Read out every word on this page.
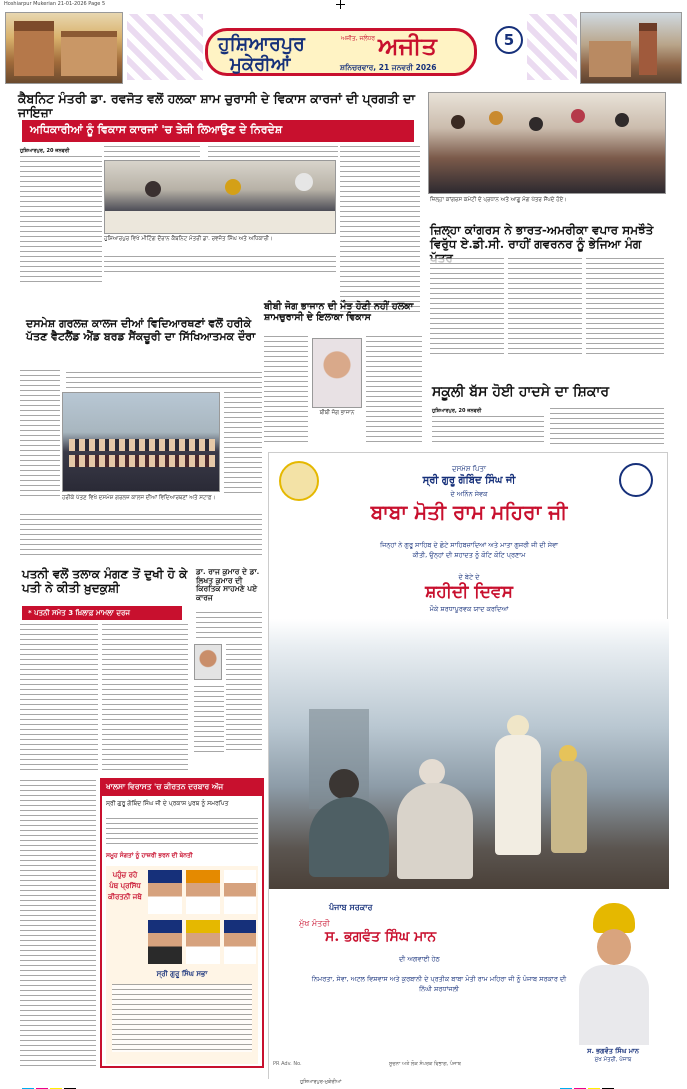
Hoshiarpur Mukerian 21-01-2026 Page 5
ਹੁਸ਼ਿਆਰਪੁਰ
ਮੁਕੇਰੀਆਂ
ਅਜੀਤ, ਜਲੰਧਰ ਅਜੀਤ
ਸ਼ਨਿਚਰਵਾਰ, 21 ਜਨਵਰੀ 2026
5
ਕੈਬਨਿਟ ਮੰਤਰੀ ਡਾ. ਰਵਜੋਤ ਵਲੋਂ ਹਲਕਾ ਸ਼ਾਮ ਚੁਰਾਸੀ ਦੇ ਵਿਕਾਸ ਕਾਰਜਾਂ ਦੀ ਪ੍ਰਗਤੀ ਦਾ ਜਾਇਜ਼ਾ
ਅਧਿਕਾਰੀਆਂ ਨੂੰ ਵਿਕਾਸ ਕਾਰਜਾਂ 'ਚ ਤੇਜ਼ੀ ਲਿਆਉਣ ਦੇ ਨਿਰਦੇਸ਼
ਹੁਸ਼ਿਆਰਪੁਰ, 20 ਜਨਵਰੀ
ਹੁਸ਼ਿਆਰਪੁਰ ਵਿਖੇ ਮੀਟਿੰਗ ਦੌਰਾਨ ਕੈਬਨਿਟ ਮੰਤਰੀ ਡਾ. ਰਵਜੋਤ ਸਿੰਘ ਅਤੇ ਅਧਿਕਾਰੀ।
ਜ਼ਿਲ੍ਹਾ ਕਾਂਗਰਸ ਕਮੇਟੀ ਦੇ ਪ੍ਰਧਾਨ ਅਤੇ ਆਗੂ ਮੰਗ ਪੱਤਰ ਸੌਂਪਦੇ ਹੋਏ।
ਜ਼ਿਲ੍ਹਾ ਕਾਂਗਰਸ ਨੇ ਭਾਰਤ-ਅਮਰੀਕਾ ਵਪਾਰ ਸਮਝੌਤੇ ਵਿਰੁੱਧ ਏ.ਡੀ.ਸੀ. ਰਾਹੀਂ ਗਵਰਨਰ ਨੂੰ ਭੇਜਿਆ ਮੰਗ
ਬੀਬੀ ਜੋਗ ਭਾਜਾਨ ਦੀ ਮੌਤ ਹੋਣੀ ਨਹੀਂ ਹਲਕਾ ਸ਼ਾਮਚੁਰਾਸੀ ਦੇ ਇਲਾਕਾ ਵਿਕਾਸ
ਬੀਬੀ ਜੋਗ ਭਾਜਾਨ
ਦਸਮੇਸ਼ ਗਰਲਜ਼ ਕਾਲਜ ਦੀਆਂ ਵਿਦਿਆਰਥਣਾਂ ਵਲੋਂ ਹਰੀਕੇ ਪੱਤਣ ਵੈਟਲੈਂਡ ਐਂਡ ਬਰਡ ਸੈਂਕਚੂਰੀ ਦਾ ਸਿੱਖਿਆਤਮਕ ਦੌਰਾ
ਹਰੀਕੇ ਪੱਤਣ ਵਿਖੇ ਦਸਮੇਸ਼ ਗਰਲਜ਼ ਕਾਲਜ ਦੀਆਂ ਵਿਦਿਆਰਥਣਾਂ ਅਤੇ ਸਟਾਫ਼।
ਸਕੂਲੀ ਬੱਸ ਹੋਈ ਹਾਦਸੇ ਦਾ ਸ਼ਿਕਾਰ
ਹੁਸ਼ਿਆਰਪੁਰ, 20 ਜਨਵਰੀ
ਦਸਮੇਸ਼ ਪਿਤਾ
ਸ੍ਰੀ ਗੁਰੂ ਗੋਬਿੰਦ ਸਿੰਘ ਜੀ
ਦੇ ਅਨਿੰਨ ਸੇਵਕ
ਬਾਬਾ ਮੋਤੀ ਰਾਮ ਮਹਿਰਾ ਜੀ
ਜਿਨ੍ਹਾਂ ਨੇ ਗੁਰੂ ਸਾਹਿਬ ਦੇ ਛੋਟੇ ਸਾਹਿਬਜ਼ਾਦਿਆਂ ਅਤੇ ਮਾਤਾ ਗੁਜਰੀ ਜੀ ਦੀ ਸੇਵਾ ਕੀਤੀ, ਉਨ੍ਹਾਂ ਦੀ ਸ਼ਹਾਦਤ ਨੂੰ ਕੋਟਿ ਕੋਟਿ ਪ੍ਰਣਾਮ
ਦੇ ਬੇਟੇ ਦੇ
ਸ਼ਹੀਦੀ ਦਿਵਸ
ਮੌਕੇ ਸ਼ਰਧਾਪੂਰਵਕ ਯਾਦ ਕਰਦਿਆਂ
ਪੰਜਾਬ ਸਰਕਾਰ
ਮੁੱਖ ਮੰਤਰੀ
ਸ. ਭਗਵੰਤ ਸਿੰਘ ਮਾਨ
ਦੀ ਅਗਵਾਈ ਹੇਠ
ਨਿਮਰਤਾ, ਸੇਵਾ, ਅਟਲ ਵਿਸ਼ਵਾਸ ਅਤੇ ਕੁਰਬਾਨੀ ਦੇ ਪ੍ਰਤੀਕ ਬਾਬਾ ਮੋਤੀ ਰਾਮ ਮਹਿਰਾ ਜੀ ਨੂੰ ਪੰਜਾਬ ਸਰਕਾਰ ਦੀ ਨਿੱਘੀ ਸ਼ਰਧਾਂਜਲੀ
ਸ. ਭਗਵੰਤ ਸਿੰਘ ਮਾਨ
ਮੁੱਖ ਮੰਤਰੀ, ਪੰਜਾਬ
PR Adv. No.	ਸੂਚਨਾ ਅਤੇ ਲੋਕ ਸੰਪਰਕ ਵਿਭਾਗ, ਪੰਜਾਬ
ਪਤਨੀ ਵਲੋਂ ਤਲਾਕ ਮੰਗਣ ਤੋਂ ਦੁਖੀ ਹੋ ਕੇ ਪਤੀ ਨੇ ਕੀਤੀ ਖ਼ੁਦਕੁਸ਼ੀ
* ਪਤਨੀ ਸਮੇਤ 3 ਖ਼ਿਲਾਫ਼ ਮਾਮਲਾ ਦਰਜ
ਡਾ. ਰਾਜ ਕੁਮਾਰ ਦੇ ਡਾ. ਲਿਖਤ ਕੁਮਾਰ ਦੀ ਕਿਰਤਿਕ ਸਾਹਮਣੇ ਪਏ ਕਾਰਜ
ਖਾਲਸਾ ਵਿਰਾਸਤ 'ਚ ਕੀਰਤਨ ਦਰਬਾਰ ਅੱਜ
ਸ੍ਰੀ ਗੁਰੂ ਗੋਬਿੰਦ ਸਿੰਘ ਜੀ ਦੇ ਪ੍ਰਕਾਸ਼ ਪੁਰਬ ਨੂੰ ਸਮਰਪਿਤ
ਸਮੂਹ ਸੰਗਤਾਂ ਨੂੰ ਹਾਜ਼ਰੀ ਭਰਨ ਦੀ ਬੇਨਤੀ
ਪਹੁੰਚ ਰਹੇ ਪੰਥ ਪ੍ਰਸਿੱਧ ਕੀਰਤਨੀ ਜਥੇ
ਸ੍ਰੀ ਗੁਰੂ ਸਿੰਘ ਸਭਾ
ਹੁਸ਼ਿਆਰਪੁਰ-ਮੁਕੇਰੀਆਂ
